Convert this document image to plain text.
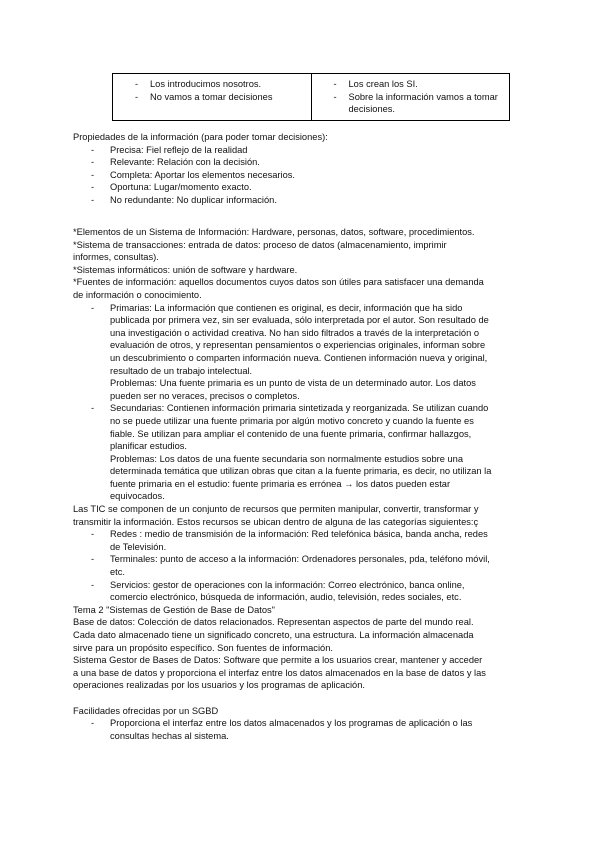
- Los introducimos nosotros.
- No vamos a tomar decisiones

- Los crean los SI.
- Sobre la información vamos a tomar decisiones.
Propiedades de la información (para poder tomar decisiones):
- Precisa: Fiel reflejo de la realidad
- Relevante: Relación con la decisión.
- Completa: Aportar los elementos necesarios.
- Oportuna: Lugar/momento exacto.
- No redundante: No duplicar información.
*Elementos de un Sistema de Información: Hardware, personas, datos, software, procedimientos.
*Sistema de transacciones: entrada de datos: proceso de datos (almacenamiento, imprimir
informes, consultas).
*Sistemas informáticos: unión de software y hardware.
*Fuentes de información: aquellos documentos cuyos datos son útiles para satisfacer una demanda
de información o conocimiento.
- Primarias: La información que contienen es original, es decir, información que ha sido
publicada por primera vez, sin ser evaluada, sólo interpretada por el autor. Son resultado de
una investigación o actividad creativa. No han sido filtrados a través de la interpretación o
evaluación de otros, y representan pensamientos o experiencias originales, informan sobre
un descubrimiento o comparten información nueva. Contienen información nueva y original,
resultado de un trabajo intelectual.
Problemas: Una fuente primaria es un punto de vista de un determinado autor. Los datos
pueden ser no veraces, precisos o completos.
- Secundarias: Contienen información primaria sintetizada y reorganizada. Se utilizan cuando
no se puede utilizar una fuente primaria por algún motivo concreto y cuando la fuente es
fiable. Se utilizan para ampliar el contenido de una fuente primaria, confirmar hallazgos,
planificar estudios.
Problemas: Los datos de una fuente secundaria son normalmente estudios sobre una
determinada temática que utilizan obras que citan a la fuente primaria, es decir, no utilizan la
fuente primaria en el estudio: fuente primaria es errónea → los datos pueden estar
equivocados.
Las TIC se componen de un conjunto de recursos que permiten manipular, convertir, transformar y
transmitir la información. Estos recursos se ubican dentro de alguna de las categorías siguientes:ç
- Redes : medio de transmisión de la información: Red telefónica básica, banda ancha, redes
de Televisión.
- Terminales: punto de acceso a la información: Ordenadores personales, pda, teléfono móvil,
etc.
- Servicios: gestor de operaciones con la información: Correo electrónico, banca online,
comercio electrónico, búsqueda de información, audio, televisión, redes sociales, etc.
Tema 2 "Sistemas de Gestión de Base de Datos"
Base de datos: Colección de datos relacionados. Representan aspectos de parte del mundo real.
Cada dato almacenado tiene un significado concreto, una estructura. La información almacenada
sirve para un propósito específico. Son fuentes de información.
Sistema Gestor de Bases de Datos: Software que permite a los usuarios crear, mantener y acceder
a una base de datos y proporciona el interfaz entre los datos almacenados en la base de datos y las
operaciones realizadas por los usuarios y los programas de aplicación.
Facilidades ofrecidas por un SGBD
- Proporciona el interfaz entre los datos almacenados y los programas de aplicación o las
consultas hechas al sistema.
